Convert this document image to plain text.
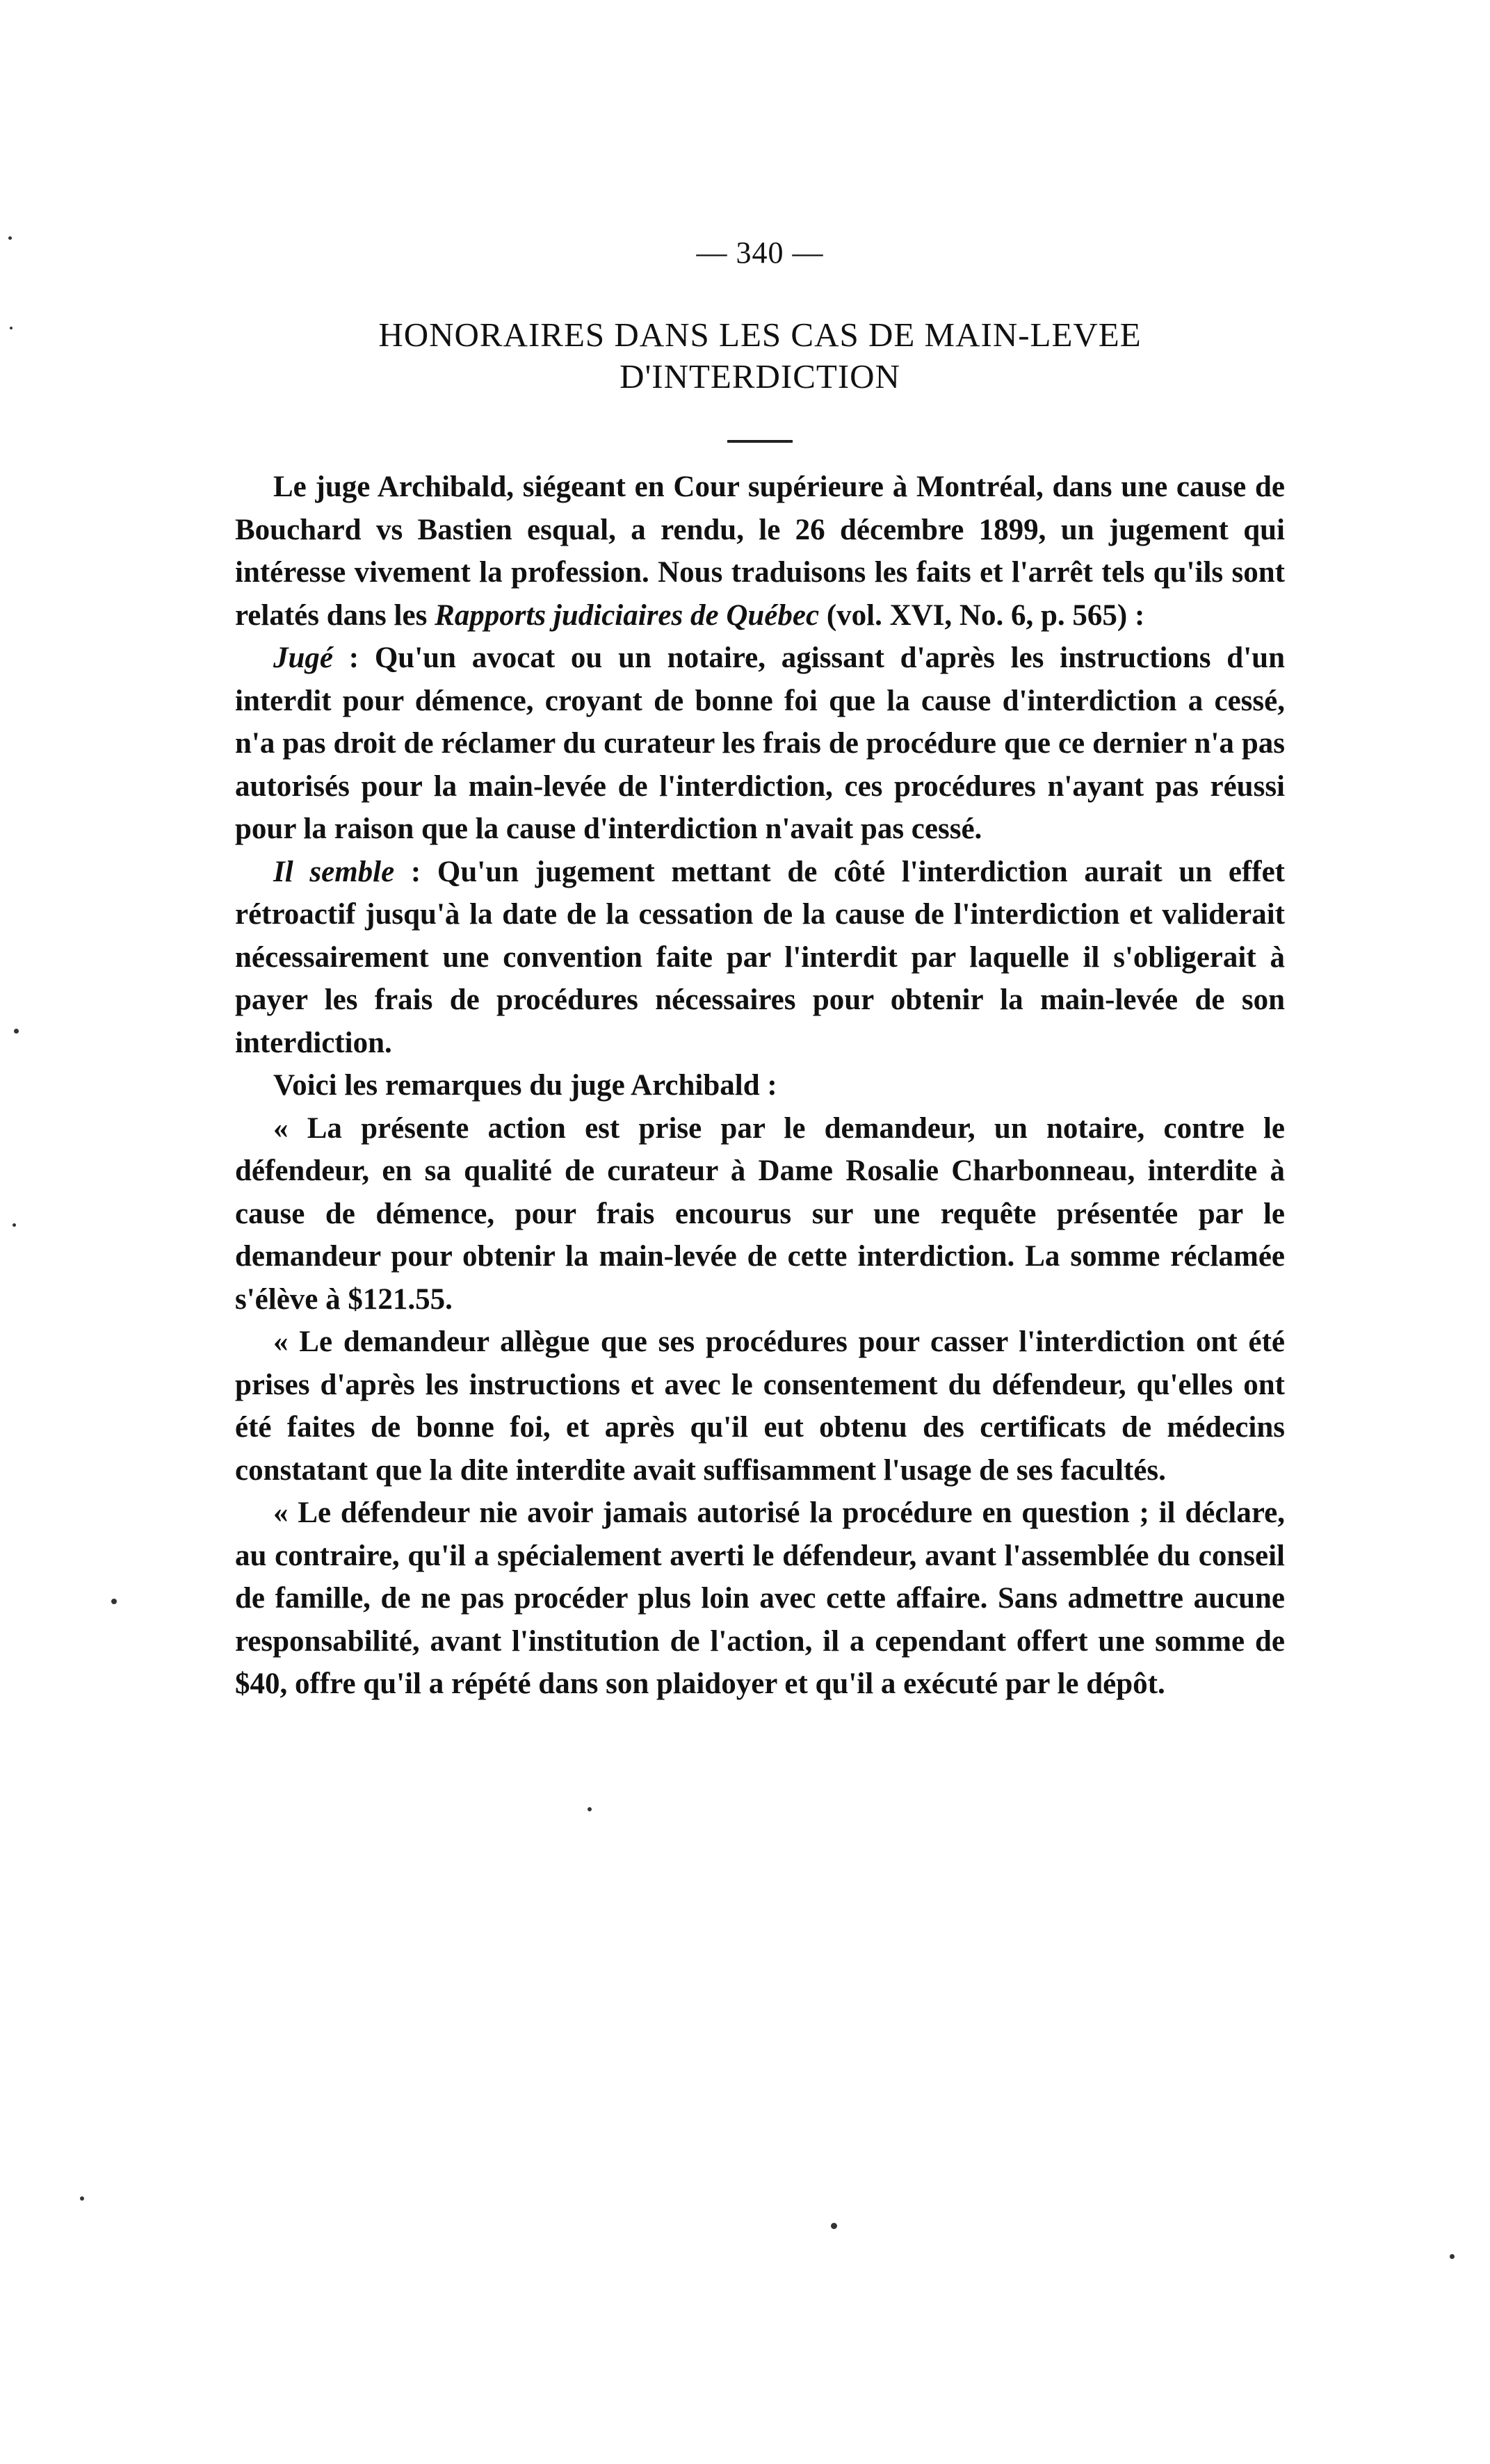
— 340 —
HONORAIRES DANS LES CAS DE MAIN-LEVEE
D'INTERDICTION

Le juge Archibald, siégeant en Cour supérieure à Montréal, dans une cause de Bouchard vs Bastien esqual, a rendu, le 26 décembre 1899, un jugement qui intéresse vivement la profession. Nous traduisons les faits et l'arrêt tels qu'ils sont relatés dans les Rapports judiciaires de Québec (vol. XVI, No. 6, p. 565) :

Jugé : Qu'un avocat ou un notaire, agissant d'après les instructions d'un interdit pour démence, croyant de bonne foi que la cause d'interdiction a cessé, n'a pas droit de réclamer du curateur les frais de procédure que ce dernier n'a pas autorisés pour la main-levée de l'interdiction, ces procédures n'ayant pas réussi pour la raison que la cause d'interdiction n'avait pas cessé.

Il semble : Qu'un jugement mettant de côté l'interdiction aurait un effet rétroactif jusqu'à la date de la cessation de la cause de l'interdiction et validerait nécessairement une convention faite par l'interdit par laquelle il s'obligerait à payer les frais de procédures nécessaires pour obtenir la main-levée de son interdiction.

Voici les remarques du juge Archibald :

« La présente action est prise par le demandeur, un notaire, contre le défendeur, en sa qualité de curateur à Dame Rosalie Charbonneau, interdite à cause de démence, pour frais encourus sur une requête présentée par le demandeur pour obtenir la main-levée de cette interdiction. La somme réclamée s'élève à $121.55.

« Le demandeur allègue que ses procédures pour casser l'interdiction ont été prises d'après les instructions et avec le consentement du défendeur, qu'elles ont été faites de bonne foi, et après qu'il eut obtenu des certificats de médecins constatant que la dite interdite avait suffisamment l'usage de ses facultés.

« Le défendeur nie avoir jamais autorisé la procédure en question ; il déclare, au contraire, qu'il a spécialement averti le défendeur, avant l'assemblée du conseil de famille, de ne pas procéder plus loin avec cette affaire. Sans admettre aucune responsabilité, avant l'institution de l'action, il a cependant offert une somme de $40, offre qu'il a répété dans son plaidoyer et qu'il a exécuté par le dépôt.
